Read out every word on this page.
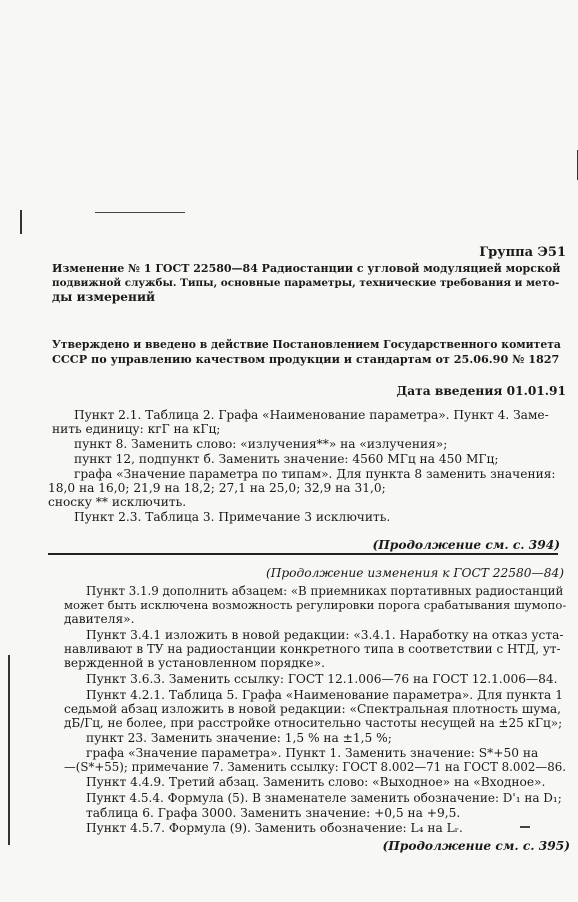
Группа Э51
Изменение № 1 ГОСТ 22580—84 Радиостанции с угловой модуляцией морской
подвижной службы. Типы, основные параметры, технические требования и мето-
ды измерений
Утверждено и введено в действие Постановлением Государственного комитета
СССР по управлению качеством продукции и стандартам от 25.06.90 № 1827
Дата введения 01.01.91
Пункт 2.1. Таблица 2. Графа «Наименование параметра». Пункт 4. Заме-
нить единицу: кгГ на кГц;
пункт 8. Заменить слово: «излучения**» на «излучения»;
пункт 12, подпункт б. Заменить значение: 4560 МГц на 450 МГц;
графа «Значение параметра по типам». Для пункта 8 заменить значения:
18,0 на 16,0; 21,9 на 18,2; 27,1 на 25,0; 32,9 на 31,0;
сноску ** исключить.
Пункт 2.3. Таблица 3. Примечание 3 исключить.
(Продолжение см. с. 394)
(Продолжение изменения к ГОСТ 22580—84)
Пункт 3.1.9 дополнить абзацем: «В приемниках портативных радиостанций
может быть исключена возможность регулировки порога срабатывания шумопо-
давителя».
Пункт 3.4.1 изложить в новой редакции: «3.4.1. Наработку на отказ уста-
навливают в ТУ на радиостанции конкретного типа в соответствии с НТД, ут-
вержденной в установленном порядке».
Пункт 3.6.3. Заменить ссылку: ГОСТ 12.1.006—76 на ГОСТ 12.1.006—84.
Пункт 4.2.1. Таблица 5. Графа «Наименование параметра». Для пункта 1
седьмой абзац изложить в новой редакции: «Спектральная плотность шума,
дБ/Гц, не более, при расстройке относительно частоты несущей на ±25 кГц»;
пункт 23. Заменить значение: 1,5 % на ±1,5 %;
графа «Значение параметра». Пункт 1. Заменить значение: S*+50 на
—(S*+55); примечание 7. Заменить ссылку: ГОСТ 8.002—71 на ГОСТ 8.002—86.
Пункт 4.4.9. Третий абзац. Заменить слово: «Выходное» на «Входное».
Пункт 4.5.4. Формула (5). В знаменателе заменить обозначение: D'₁ на D₁;
таблица 6. Графа 3000. Заменить значение: +0,5 на +9,5.
Пункт 4.5.7. Формула (9). Заменить обозначение: L₄ на Lᵣ.
(Продолжение см. с. 395)
